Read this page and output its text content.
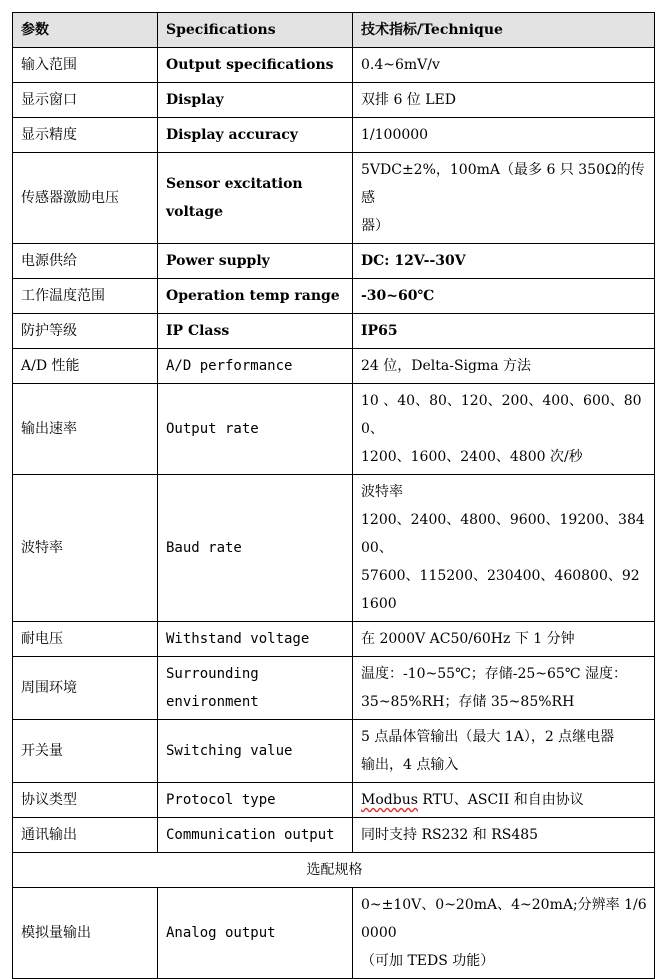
参数	Specifications	技术指标/Technique
输入范围	Output specifications	0.4~6mV/v
显示窗口	Display	双排 6 位 LED
显示精度	Display accuracy	1/100000
传感器激励电压	Sensor excitation
voltage	5VDC±2%，100mA（最多 6 只 350Ω的传感
器）

电源供给	Power supply	DC: 12V--30V
工作温度范围	Operation temp range	-30~60℃
防护等级	IP Class	IP65
A/D 性能	A/D performance	24 位，Delta-Sigma 方法
输出速率	Output rate	10 、40、80、120、200、400、600、800、
1200、1600、2400、4800 次/秒

波特率	Baud rate	波特率
1200、2400、4800、9600、19200、38400、
57600、115200、230400、460800、921600

耐电压	Withstand voltage	在 2000V AC50/60Hz 下 1 分钟
周围环境	Surrounding
environment	温度：-10~55℃；存储-25~65℃ 湿度：
35~85%RH；存储 35~85%RH

开关量	Switching value	5 点晶体管输出（最大 1A），2 点继电器
输出，4 点输入

协议类型	Protocol type	Modbus RTU、ASCII 和自由协议
通讯输出	Communication output	同时支持 RS232 和 RS485
选配规格		
模拟量输出	Analog output	0~±10V、0~20mA、4~20mA;分辨率 1/60000
（可加 TEDS 功能）
